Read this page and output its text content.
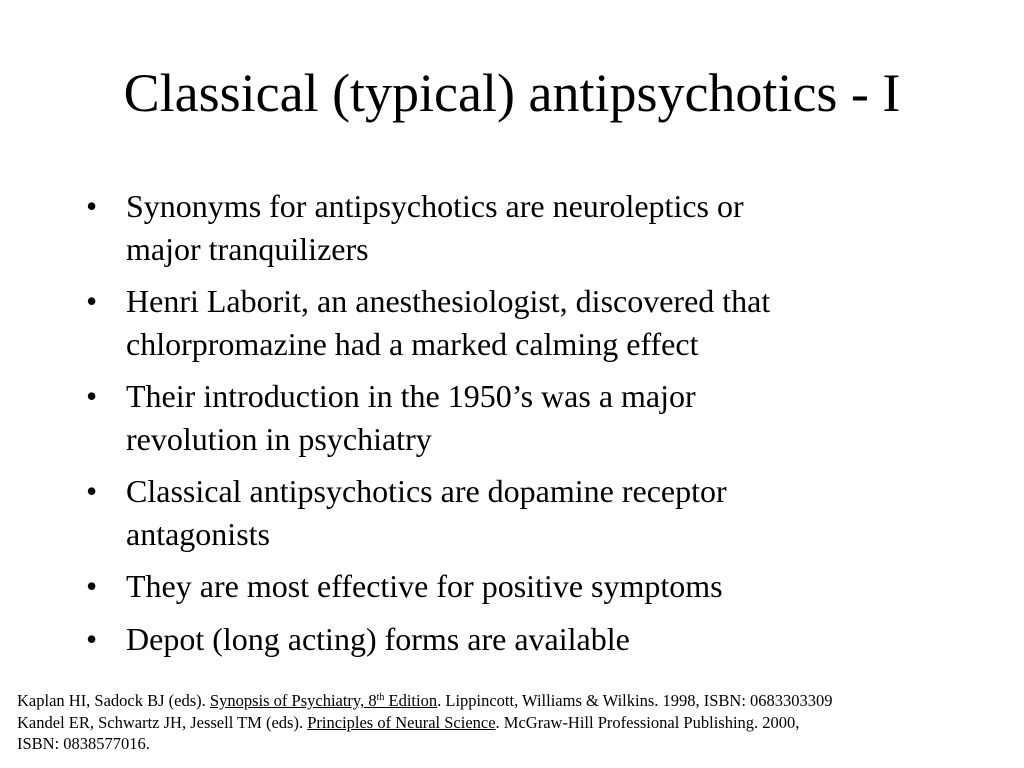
Classical (typical) antipsychotics - I
• Synonyms for antipsychotics are neuroleptics or
major tranquilizers
• Henri Laborit, an anesthesiologist, discovered that
chlorpromazine had a marked calming effect
• Their introduction in the 1950’s was a major
revolution in psychiatry
• Classical antipsychotics are dopamine receptor
antagonists
• They are most effective for positive symptoms
• Depot (long acting) forms are available
Kaplan HI, Sadock BJ (eds). Synopsis of Psychiatry, 8th Edition. Lippincott, Williams & Wilkins. 1998, ISBN: 0683303309
Kandel ER, Schwartz JH, Jessell TM (eds). Principles of Neural Science. McGraw-Hill Professional Publishing. 2000,
ISBN: 0838577016.
